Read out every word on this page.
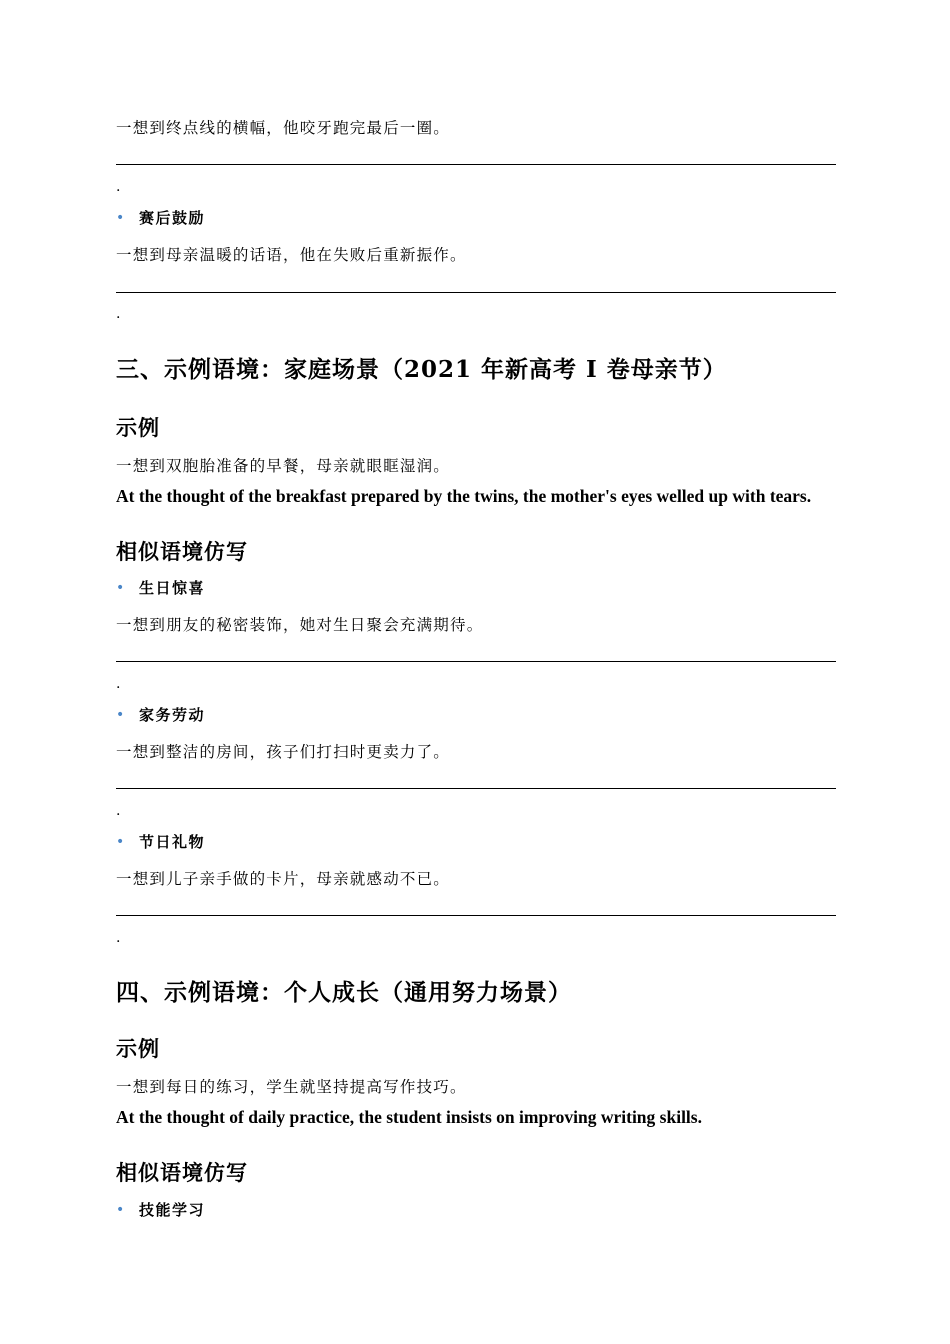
一想到终点线的横幅，他咬牙跑完最后一圈。
.
• 赛后鼓励
一想到母亲温暖的话语，他在失败后重新振作。
.
三、示例语境：家庭场景（2021 年新高考 Ⅰ 卷母亲节）
示例
一想到双胞胎准备的早餐，母亲就眼眶湿润。
At the thought of the breakfast prepared by the twins, the mother's eyes welled up with tears.
相似语境仿写
• 生日惊喜
一想到朋友的秘密装饰，她对生日聚会充满期待。
.
• 家务劳动
一想到整洁的房间，孩子们打扫时更卖力了。
.
• 节日礼物
一想到儿子亲手做的卡片，母亲就感动不已。
.
四、示例语境：个人成长（通用努力场景）
示例
一想到每日的练习，学生就坚持提高写作技巧。
At the thought of daily practice, the student insists on improving writing skills.
相似语境仿写
• 技能学习
